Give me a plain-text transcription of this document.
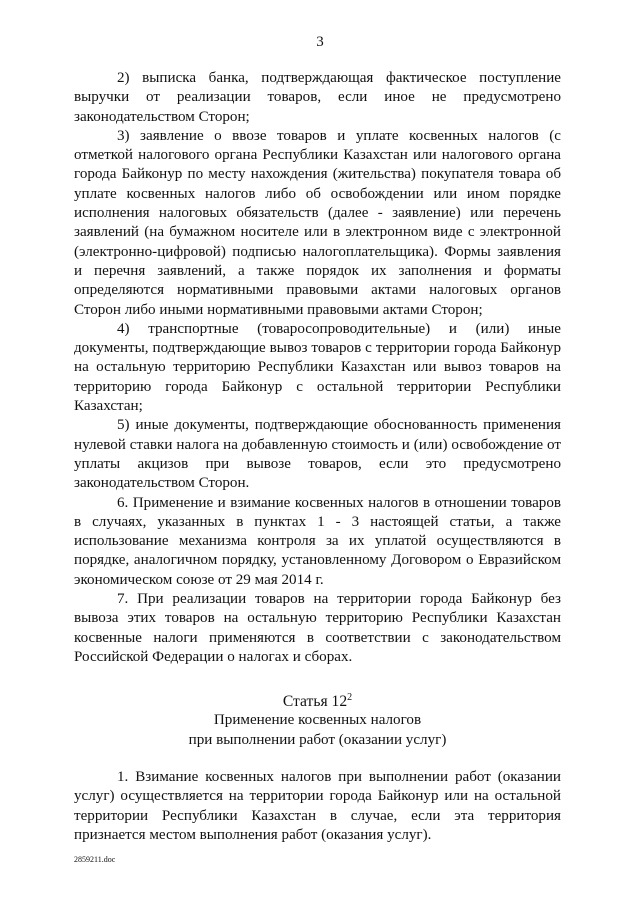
3

2) выписка банка, подтверждающая фактическое поступление выручки от реализации товаров, если иное не предусмотрено законодательством Сторон;

3) заявление о ввозе товаров и уплате косвенных налогов (с отметкой налогового органа Республики Казахстан или налогового органа города Байконур по месту нахождения (жительства) покупателя товара об уплате косвенных налогов либо об освобождении или ином порядке исполнения налоговых обязательств (далее - заявление) или перечень заявлений (на бумажном носителе или в электронном виде с электронной (электронно-цифровой) подписью налогоплательщика). Формы заявления и перечня заявлений, а также порядок их заполнения и форматы определяются нормативными правовыми актами налоговых органов Сторон либо иными нормативными правовыми актами Сторон;

4) транспортные (товаросопроводительные) и (или) иные документы, подтверждающие вывоз товаров с территории города Байконур на остальную территорию Республики Казахстан или вывоз товаров на территорию города Байконур с остальной территории Республики Казахстан;

5) иные документы, подтверждающие обоснованность применения нулевой ставки налога на добавленную стоимость и (или) освобождение от уплаты акцизов при вывозе товаров, если это предусмотрено законодательством Сторон.

6. Применение и взимание косвенных налогов в отношении товаров в случаях, указанных в пунктах 1 - 3 настоящей статьи, а также использование механизма контроля за их уплатой осуществляются в порядке, аналогичном порядку, установленному Договором о Евразийском экономическом союзе от 29 мая 2014 г.

7. При реализации товаров на территории города Байконур без вывоза этих товаров на остальную территорию Республики Казахстан косвенные налоги применяются в соответствии с законодательством Российской Федерации о налогах и сборах.

Статья $12^2$
Применение косвенных налогов
при выполнении работ (оказании услуг)

1. Взимание косвенных налогов при выполнении работ (оказании услуг) осуществляется на территории города Байконур или на остальной территории Республики Казахстан в случае, если эта территория признается местом выполнения работ (оказания услуг).

2859211.doc
